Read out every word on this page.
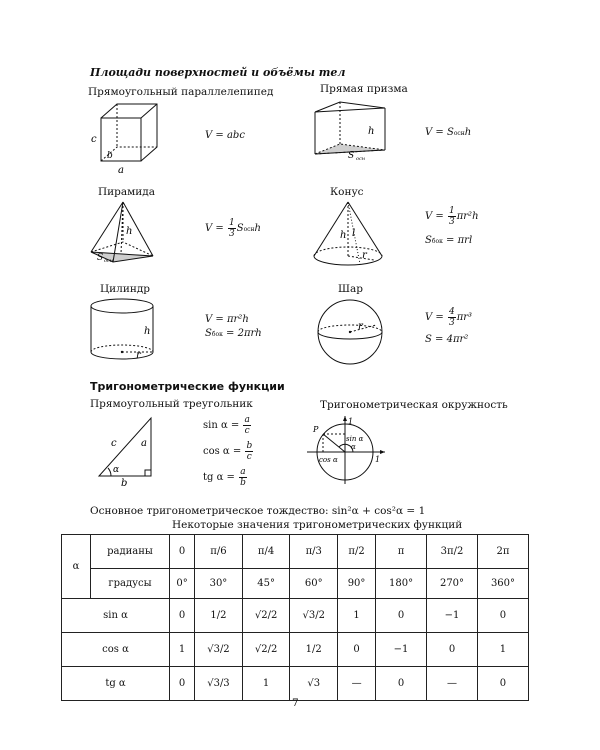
Площади поверхностей и объёмы тел
Прямоугольный параллелепипед
c
b
a
V = abc
Прямая призма
h
S осн
V = Sоснh
Пирамида
h
S осн
$V = \frac{1}{3}$ Sоснh
Конус
h l
r
$V = \frac{1}{3} \pi r^2h$
Sбок = πrl
Цилиндр
h
r
V = πr²h
Sбок = 2πrh
Шар
r
$V = \frac{4}{3} \pi r^3$
S = 4πr²
Тригонометрические функции
Прямоугольный треугольник
c a
α
b
$\sin \alpha = \frac{a}{c}$
$\cos \alpha = \frac{b}{c}$
tg $\alpha = \frac{a}{b}$
Тригонометрическая окружность
P
1
sin α
α
cos α	1
Основное тригонометрическое тождество: sin²α + cos²α = 1
Некоторые значения тригонометрических функций
α	радианы	0	π/6	π/4	π/3	π/2	π	3π/2	2π
	градусы	0°	30°	45°	60°	90°	180°	270°	360°
sin α		0	1/2	√2/2	√3/2	1	0	−1	0
cos α		1	√3/2	√2/2	1/2	0	−1	0	1
tg α		0	√3/3	1	√3	—	0	—	0
7
